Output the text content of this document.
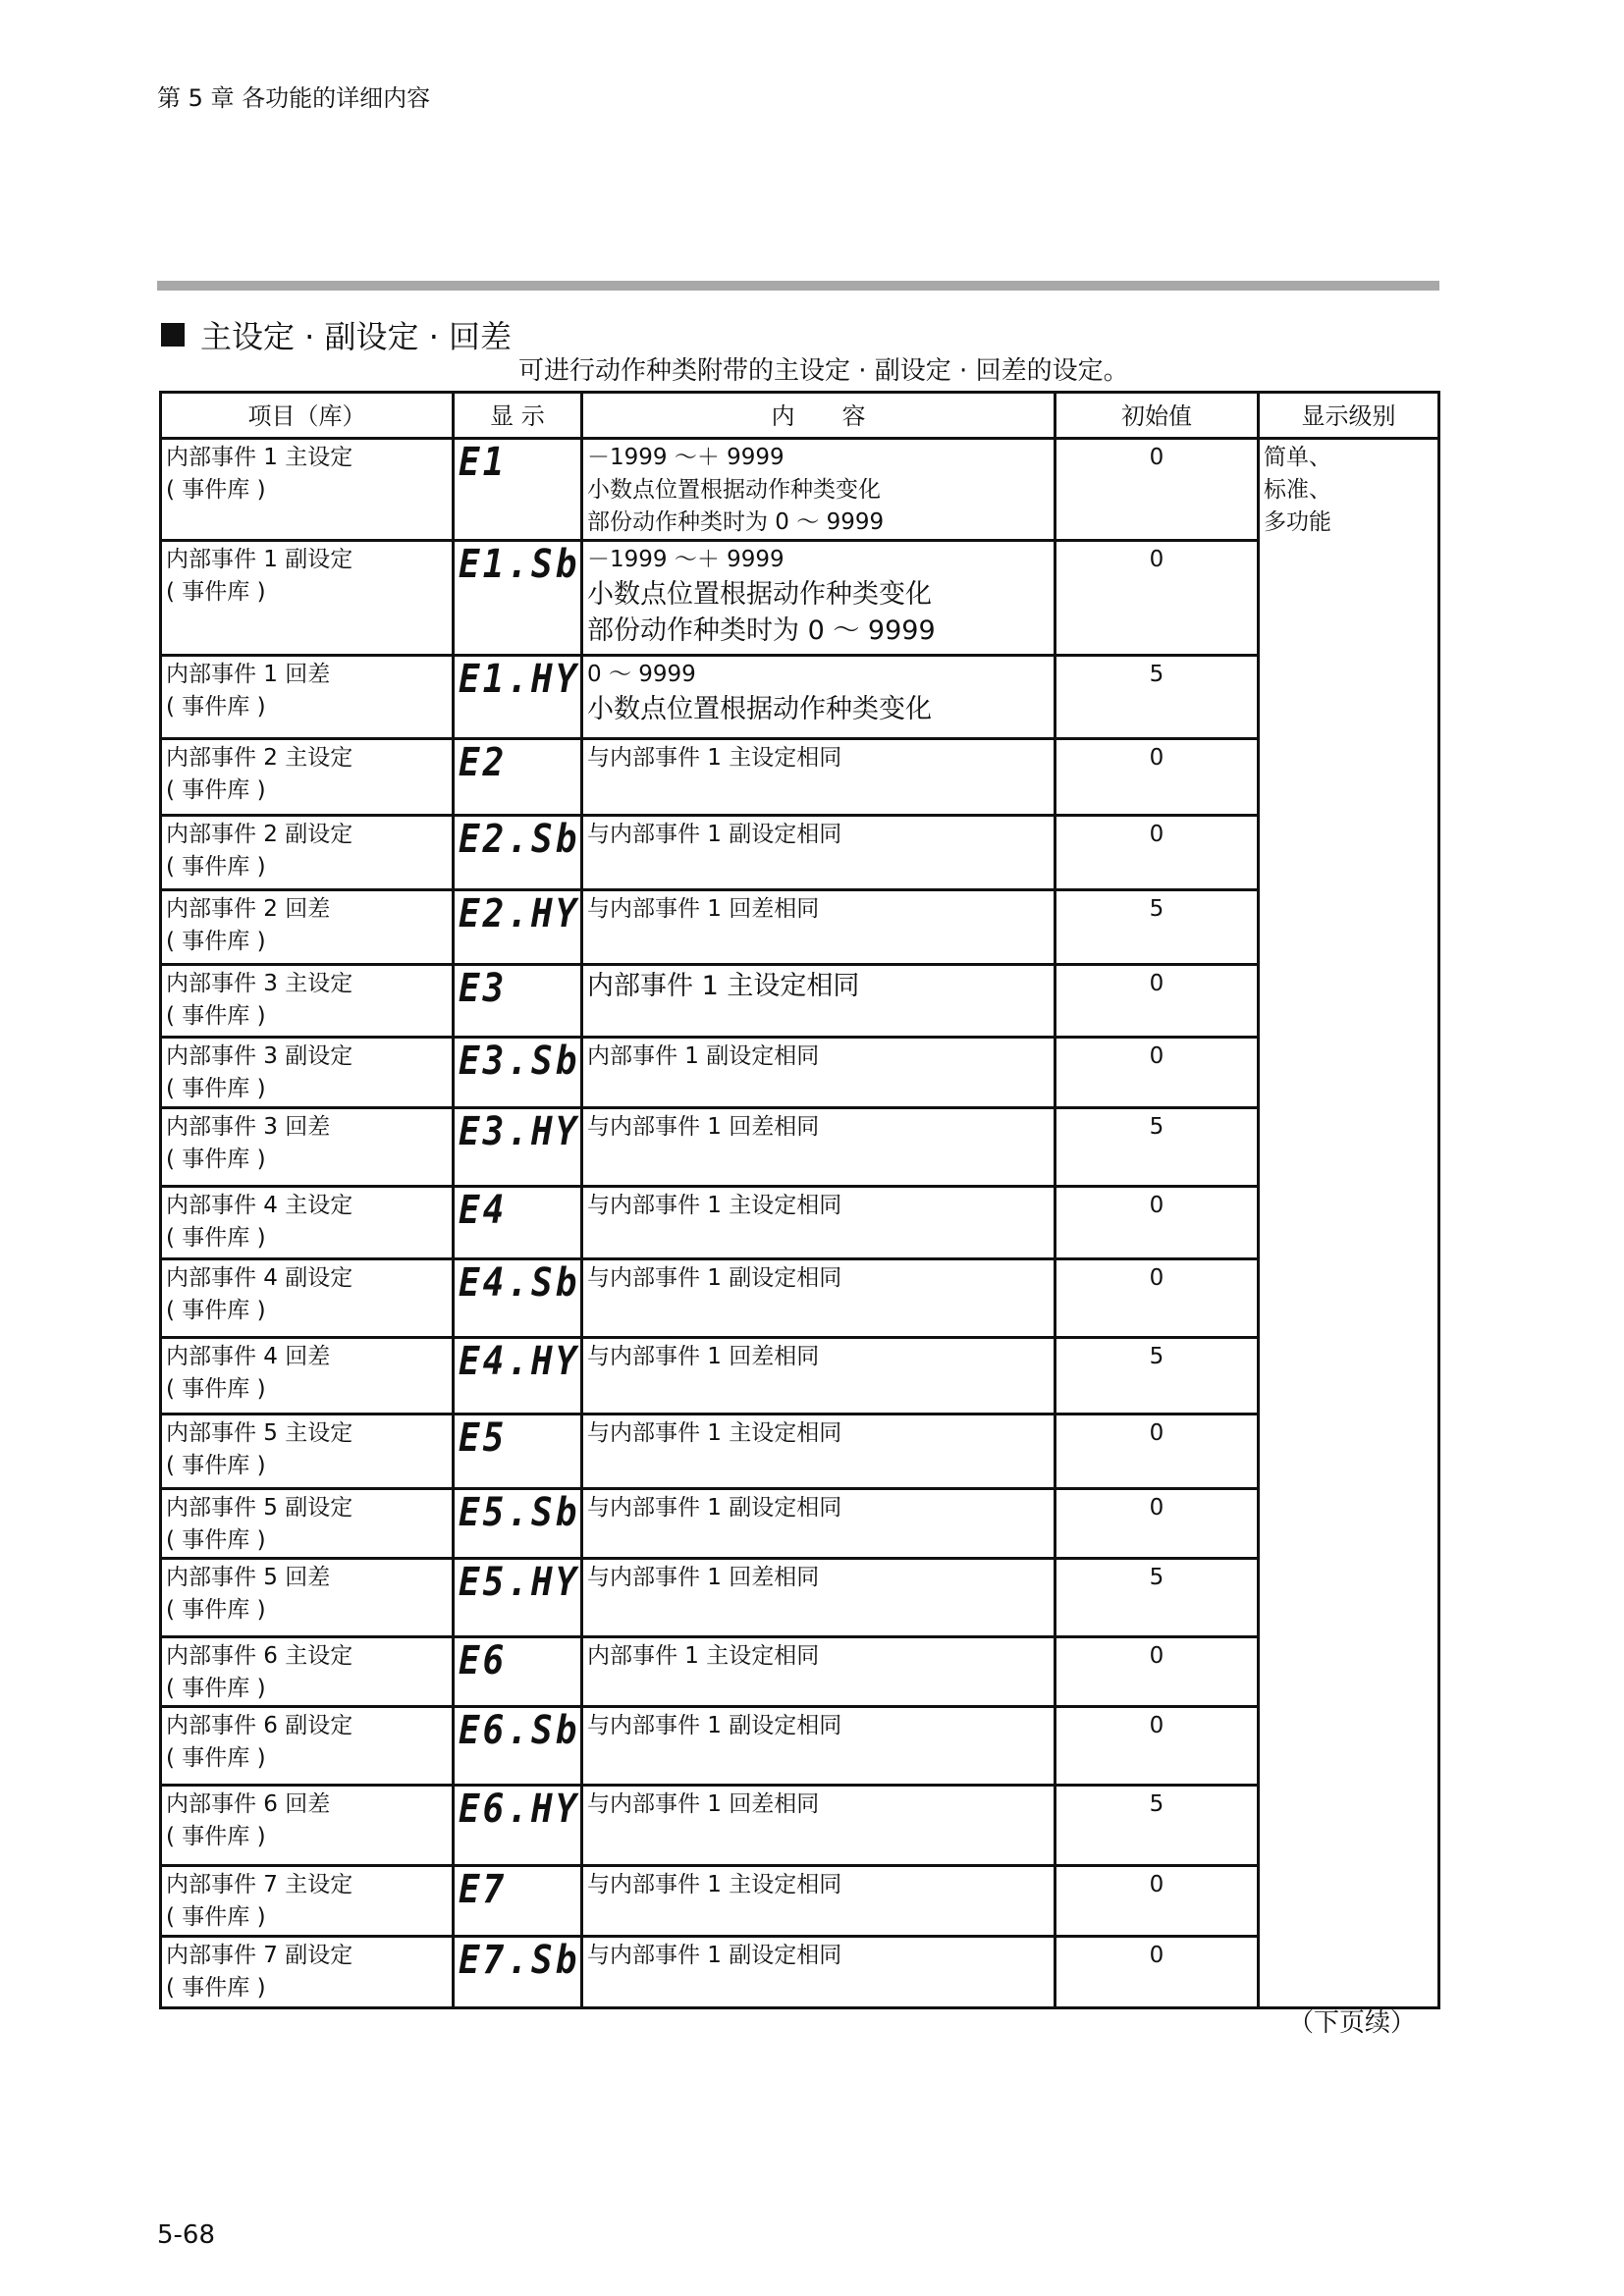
第 5 章 各功能的详细内容
主设定 · 副设定 · 回差
可进行动作种类附带的主设定 · 副设定 · 回差的设定。
项目（库）	显 示	内　　容	初始值	显示级别

内部事件 1 主设定
( 事件库 )	E1	－1999 ～＋ 9999
小数点位置根据动作种类变化
部份动作种类时为 0 ～ 9999	0	简单、
标准、
多功能

内部事件 1 副设定
( 事件库 )	E1.Sb	－1999 ～＋ 9999
小数点位置根据动作种类变化
部份动作种类时为 0 ～ 9999	0	

内部事件 1 回差
( 事件库 )	E1.HY	0 ～ 9999
小数点位置根据动作种类变化	5	

内部事件 2 主设定
( 事件库 )	E2	与内部事件 1 主设定相同	0	

内部事件 2 副设定
( 事件库 )	E2.Sb	与内部事件 1 副设定相同	0	

内部事件 2 回差
( 事件库 )	E2.HY	与内部事件 1 回差相同	5	

内部事件 3 主设定
( 事件库 )	E3	内部事件 1 主设定相同	0	

内部事件 3 副设定
( 事件库 )	E3.Sb	内部事件 1 副设定相同	0	

内部事件 3 回差
( 事件库 )	E3.HY	与内部事件 1 回差相同	5	

内部事件 4 主设定
( 事件库 )	E4	与内部事件 1 主设定相同	0	

内部事件 4 副设定
( 事件库 )	E4.Sb	与内部事件 1 副设定相同	0	

内部事件 4 回差
( 事件库 )	E4.HY	与内部事件 1 回差相同	5	

内部事件 5 主设定
( 事件库 )	E5	与内部事件 1 主设定相同	0	

内部事件 5 副设定
( 事件库 )	E5.Sb	与内部事件 1 副设定相同	0	

内部事件 5 回差
( 事件库 )	E5.HY	与内部事件 1 回差相同	5	

内部事件 6 主设定
( 事件库 )	E6	内部事件 1 主设定相同	0	

内部事件 6 副设定
( 事件库 )	E6.Sb	与内部事件 1 副设定相同	0	

内部事件 6 回差
( 事件库 )	E6.HY	与内部事件 1 回差相同	5	

内部事件 7 主设定
( 事件库 )	E7	与内部事件 1 主设定相同	0	

内部事件 7 副设定
( 事件库 )	E7.Sb	与内部事件 1 副设定相同	0	
（下页续）
5-68
